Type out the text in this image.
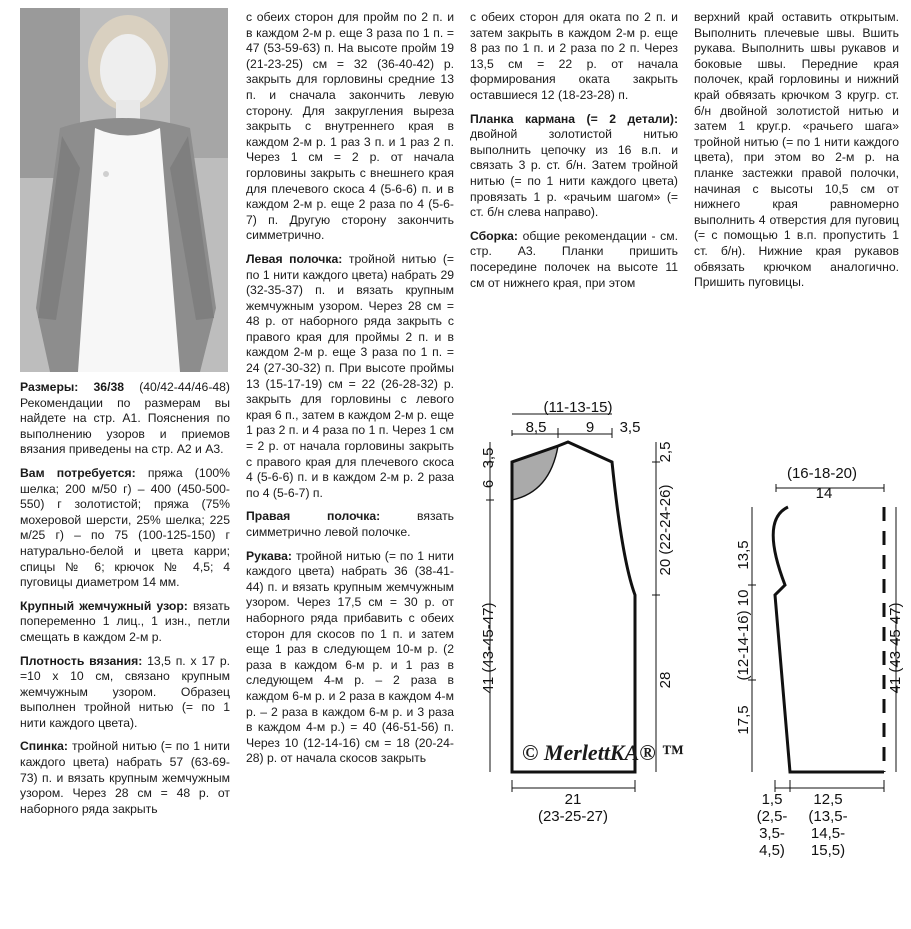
Размеры: 36/38 (40/42-44/46-48) Рекомендации по размерам вы найдете на стр. А1. Пояснения по выполнению узоров и приемов вязания приведены на стр. А2 и А3.

Вам потребуется: пряжа (100% шелка; 200 м/50 г) – 400 (450-500-550) г золотистой; пряжа (75% мохеровой шерсти, 25% шелка; 225 м/25 г) – по 75 (100-125-150) г натурально-белой и цвета карри; спицы № 6; крючок № 4,5; 4 пуговицы диаметром 14 мм.

Крупный жемчужный узор: вязать попеременно 1 лиц., 1 изн., петли смещать в каждом 2-м р.

Плотность вязания: 13,5 п. x 17 р. =10 x 10 см, связано крупным жемчужным узором. Образец выполнен тройной нитью (= по 1 нити каждого цвета).

Спинка: тройной нитью (= по 1 нити каждого цвета) набрать 57 (63-69-73) п. и вязать крупным жемчужным узором. Через 28 см = 48 р. от наборного ряда закрыть

с обеих сторон для пройм по 2 п. и в каждом 2-м р. еще 3 раза по 1 п. = 47 (53-59-63) п. На высоте пройм 19 (21-23-25) см = 32 (36-40-42) р. закрыть для горловины средние 13 п. и сначала закончить левую сторону. Для закругления выреза закрыть с внутреннего края в каждом 2-м р. 1 раз 3 п. и 1 раз 2 п. Через 1 см = 2 р. от начала горловины закрыть с внешнего края для плечевого скоса 4 (5-6-6) п. и в каждом 2-м р. еще 2 раза по 4 (5-6-7) п. Другую сторону закончить симметрично.

Левая полочка: тройной нитью (= по 1 нити каждого цвета) набрать 29 (32-35-37) п. и вязать крупным жемчужным узором. Через 28 см = 48 р. от наборного ряда закрыть с правого края для проймы 2 п. и в каждом 2-м р. еще 3 раза по 1 п. = 24 (27-30-32) п. При высоте проймы 13 (15-17-19) см = 22 (26-28-32) р. закрыть для горловины с левого края 6 п., затем в каждом 2-м р. еще 1 раз 2 п. и 4 раза по 1 п. Через 1 см = 2 р. от начала горловины закрыть с правого края для плечевого скоса 4 (5-6-6) п. и в каждом 2-м р. 2 раза по 4 (5-6-7) п.

Правая полочка:	вязать симметрично левой полочке.

Рукава: тройной нитью (= по 1 нити каждого цвета) набрать 36 (38-41-44) п. и вязать крупным жемчужным узором. Через 17,5 см = 30 р. от наборного ряда прибавить с обеих сторон для скосов по 1 п. и затем еще 1 раз в следующем 10-м р. (2 раза в каждом 6-м р. и 1 раз в следующем 4-м р. – 2 раза в каждом 6-м р. и 2 раза в каждом 4-м р. – 2 раза в каждом 6-м р. и 3 раза в каждом 4-м р.) = 40 (46-51-56) п. Через 10 (12-14-16) см = 18 (20-24-28) р. от начала скосов закрыть

с обеих сторон для оката по 2 п. и затем закрыть в каждом 2-м р. еще 8 раз по 1 п. и 2 раза по 2 п. Через 13,5 см = 22 р. от начала формирования оката закрыть оставшиеся 12 (18-23-28) п.

Планка кармана (= 2 детали): двойной золотистой нитью выполнить цепочку из 16 в.п. и связать 3 р. ст. б/н. Затем тройной нитью (= по 1 нити каждого цвета) провязать 1 р. «рачьим шагом» (= ст. б/н слева направо).

Сборка: общие рекомендации - см. стр. А3. Планки пришить посередине полочек на высоте 11 см от нижнего края, при этом

верхний край оставить открытым. Выполнить плечевые швы. Вшить рукава. Выполнить швы рукавов и боковые швы. Передние края полочек, край горловины и нижний край обвязать крючком 3 кругр. ст. б/н двойной золотистой нитью и затем 1 круг.р. «рачьего шага» тройной нитью (= по 1 нити каждого цвета), при этом во 2-м р. на планке застежки правой полочки, начиная с высоты 10,5 см от нижнего края равномерно выполнить 4 отверстия для пуговиц (= с помощью 1 в.п. пропустить 1 ст. б/н). Нижние края рукавов обвязать крючком аналогично. Пришить пуговицы.

(11-13-15)
8,5	9 3,5
3,5
6
41 (43-45-47)
2,5
20 (22-24-26)
28
21
(23-25-27)
© MerlettKA® ™
(16-18-20)
14
13,5
(12-14-16) 10
17,5
41 (43-45-47)
1,5
(2,5-
3,5-
4,5)
12,5
(13,5-
14,5-
15,5)
